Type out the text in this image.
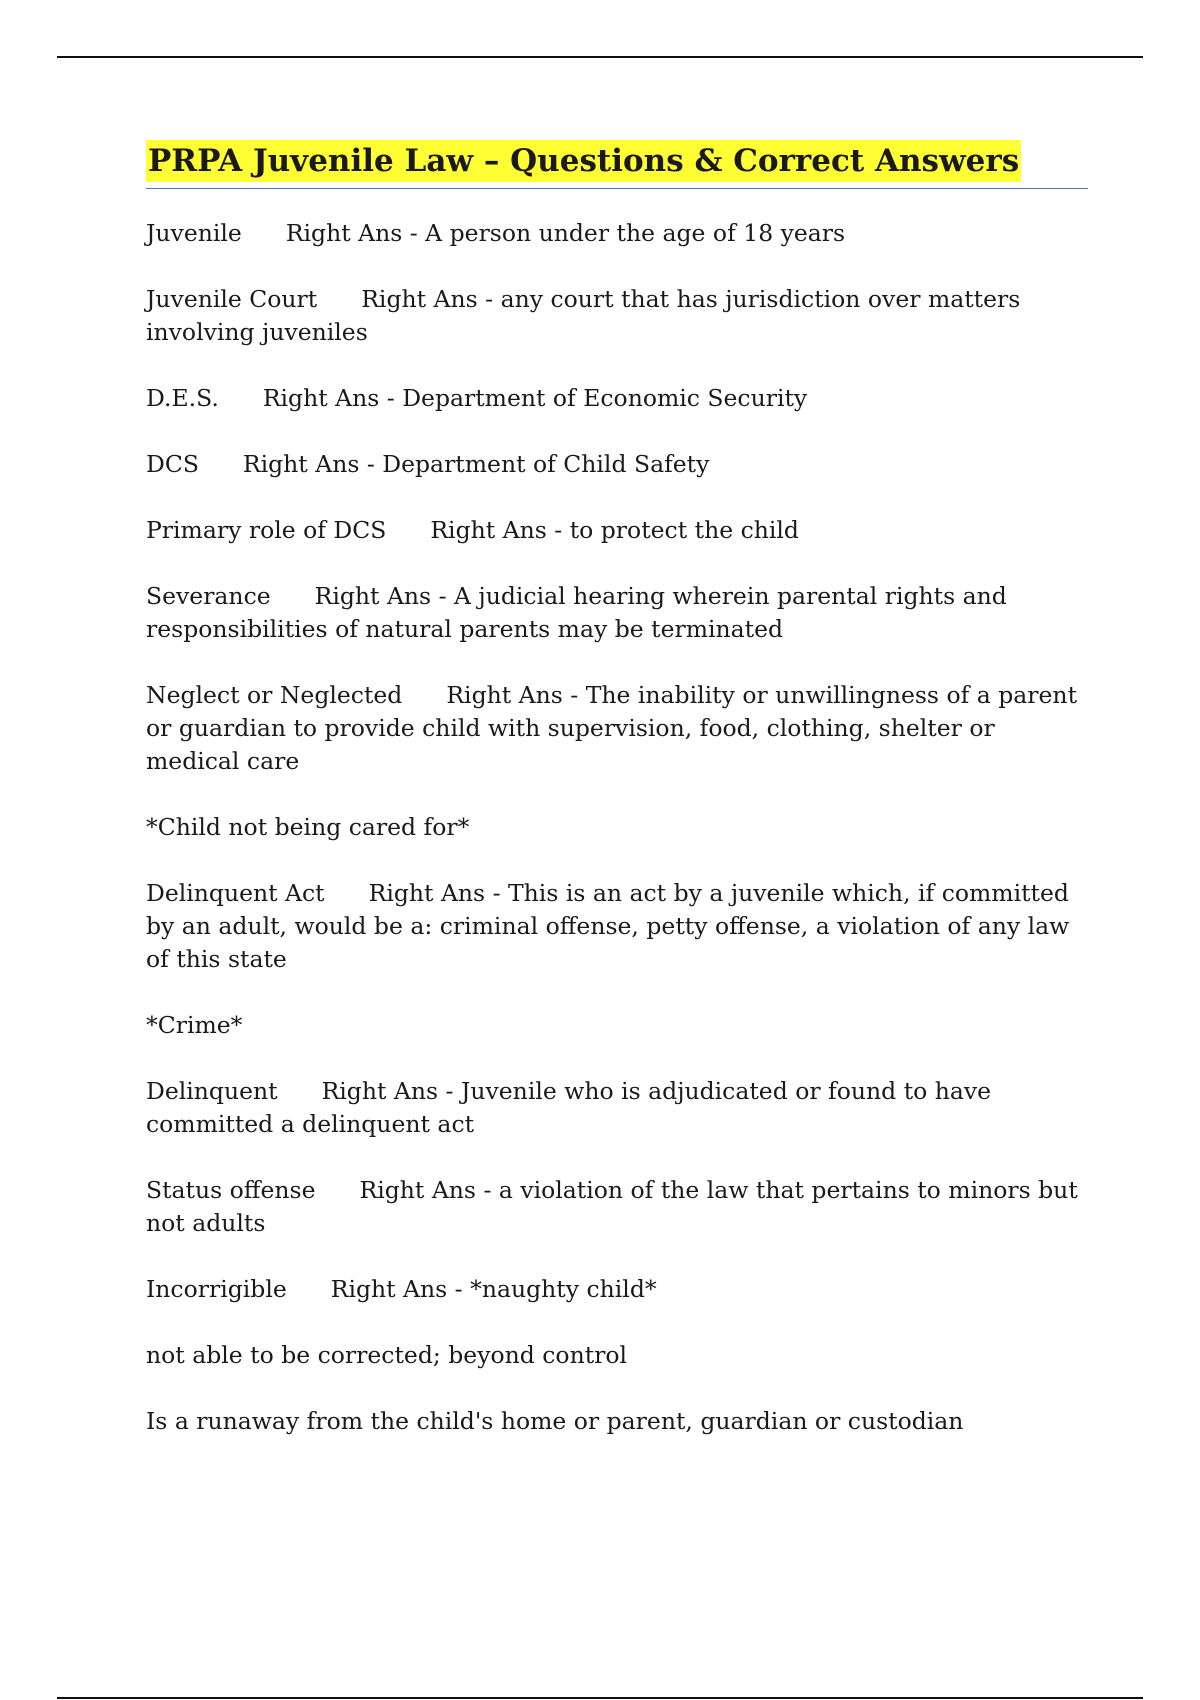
PRPA Juvenile Law – Questions & Correct Answers

Juvenile Right Ans - A person under the age of 18 years

Juvenile Court Right Ans - any court that has jurisdiction over matters involving juveniles

D.E.S. Right Ans - Department of Economic Security

DCS Right Ans - Department of Child Safety

Primary role of DCS Right Ans - to protect the child

Severance Right Ans - A judicial hearing wherein parental rights and responsibilities of natural parents may be terminated

Neglect or Neglected Right Ans - The inability or unwillingness of a parent or guardian to provide child with supervision, food, clothing, shelter or medical care

*Child not being cared for*

Delinquent Act Right Ans - This is an act by a juvenile which, if committed by an adult, would be a: criminal offense, petty offense, a violation of any law of this state

*Crime*

Delinquent Right Ans - Juvenile who is adjudicated or found to have committed a delinquent act

Status offense Right Ans - a violation of the law that pertains to minors but not adults

Incorrigible Right Ans - *naughty child*

not able to be corrected; beyond control

Is a runaway from the child's home or parent, guardian or custodian
